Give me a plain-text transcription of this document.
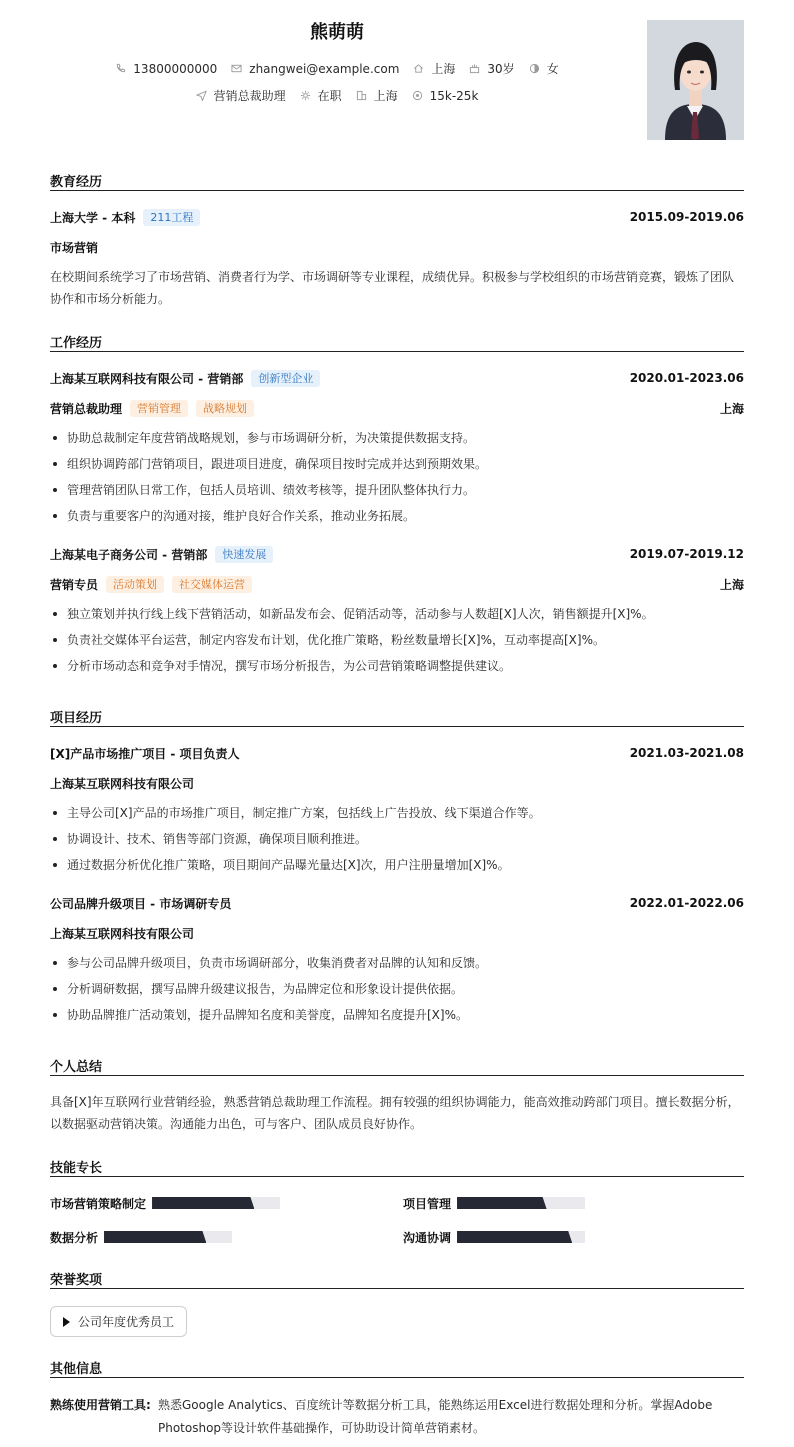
熊萌萌
13800000000	zhangwei@example.com	上海	30岁	女
营销总裁助理	在职	上海	15k-25k
教育经历
上海大学 - 本科	211工程	2015.09-2019.06
市场营销
在校期间系统学习了市场营销、消费者行为学、市场调研等专业课程，成绩优异。积极参与学校组织的市场营销竞赛，锻炼了团队协作和市场分析能力。
工作经历
上海某互联网科技有限公司 - 营销部	创新型企业	2020.01-2023.06
营销总裁助理	营销管理	战略规划	上海
协助总裁制定年度营销战略规划，参与市场调研分析，为决策提供数据支持。
组织协调跨部门营销项目，跟进项目进度，确保项目按时完成并达到预期效果。
管理营销团队日常工作，包括人员培训、绩效考核等，提升团队整体执行力。
负责与重要客户的沟通对接，维护良好合作关系，推动业务拓展。
上海某电子商务公司 - 营销部	快速发展	2019.07-2019.12
营销专员	活动策划	社交媒体运营	上海
独立策划并执行线上线下营销活动，如新品发布会、促销活动等，活动参与人数超[X]人次，销售额提升[X]%。
负责社交媒体平台运营，制定内容发布计划，优化推广策略，粉丝数量增长[X]%，互动率提高[X]%。
分析市场动态和竞争对手情况，撰写市场分析报告，为公司营销策略调整提供建议。
项目经历
[X]产品市场推广项目 - 项目负责人	2021.03-2021.08
上海某互联网科技有限公司
主导公司[X]产品的市场推广项目，制定推广方案，包括线上广告投放、线下渠道合作等。
协调设计、技术、销售等部门资源，确保项目顺利推进。
通过数据分析优化推广策略，项目期间产品曝光量达[X]次，用户注册量增加[X]%。
公司品牌升级项目 - 市场调研专员	2022.01-2022.06
上海某互联网科技有限公司
参与公司品牌升级项目，负责市场调研部分，收集消费者对品牌的认知和反馈。
分析调研数据，撰写品牌升级建议报告，为品牌定位和形象设计提供依据。
协助品牌推广活动策划，提升品牌知名度和美誉度，品牌知名度提升[X]%。
个人总结
具备[X]年互联网行业营销经验，熟悉营销总裁助理工作流程。拥有较强的组织协调能力，能高效推动跨部门项目。擅长数据分析，以数据驱动营销决策。沟通能力出色，可与客户、团队成员良好协作。
技能专长
市场营销策略制定	项目管理
数据分析	沟通协调
荣誉奖项
公司年度优秀员工
其他信息
熟练使用营销工具: 熟悉Google Analytics、百度统计等数据分析工具，能熟练运用Excel进行数据处理和分析。掌握Adobe Photoshop等设计软件基础操作，可协助设计简单营销素材。
